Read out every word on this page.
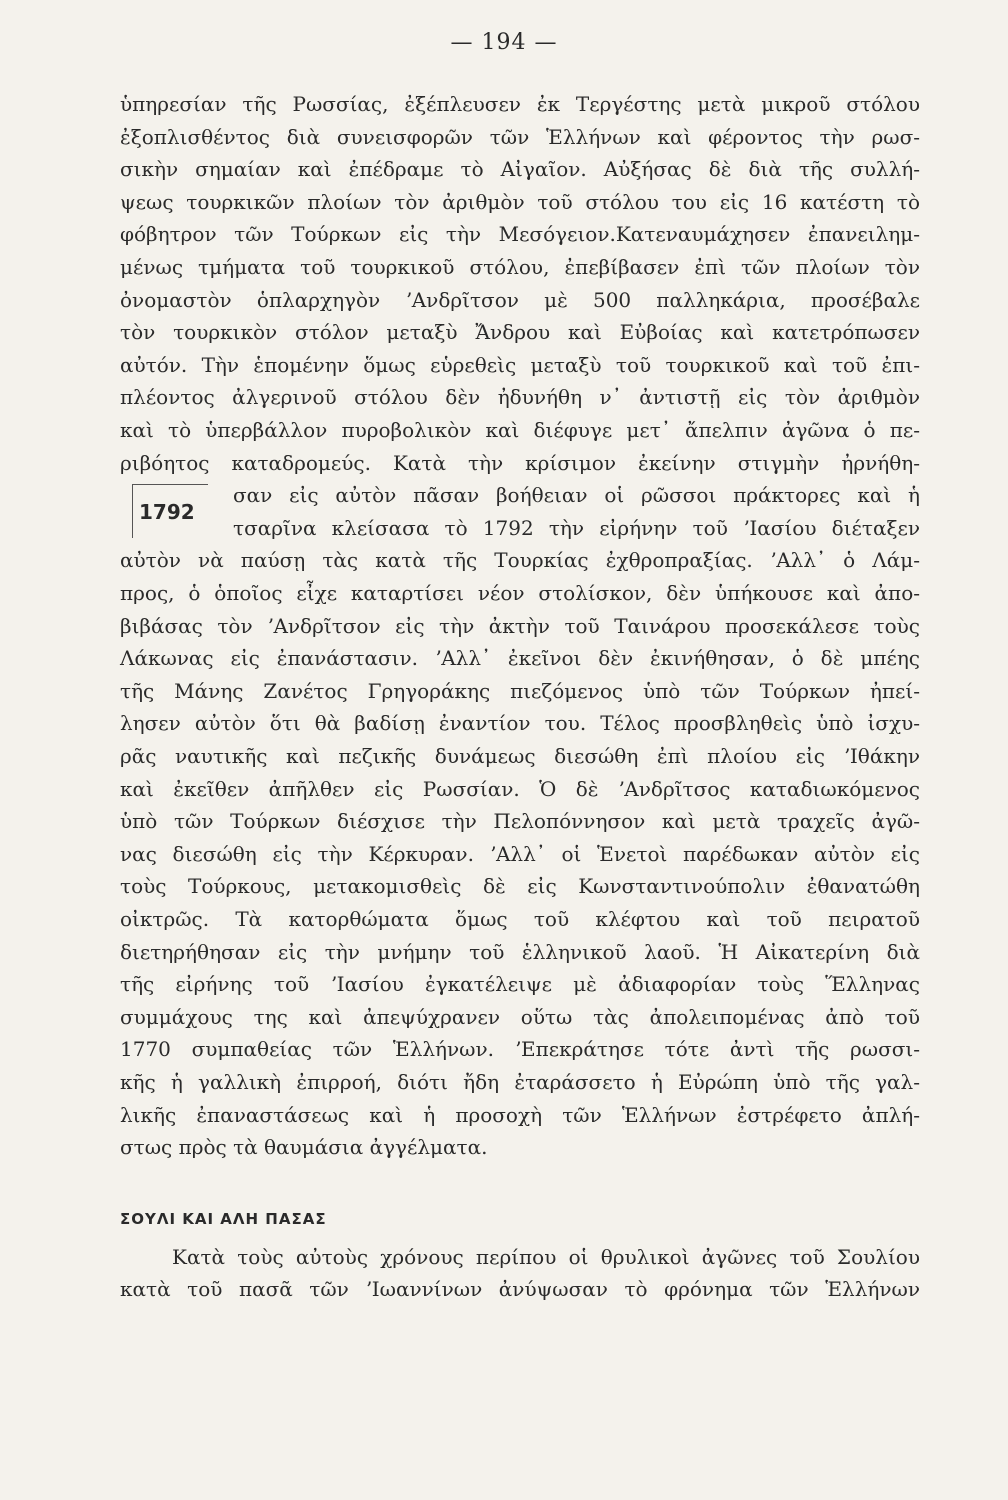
— 194 —
1792
ὑπηρεσίαν τῆς Ρωσσίας, ἐξέπλευσεν ἐκ Τεργέστης μετὰ μικροῦ στόλου
ἐξοπλισθέντος διὰ συνεισφορῶν τῶν Ἑλλήνων καὶ φέροντος τὴν ρωσ-
σικὴν σημαίαν καὶ ἐπέδραμε τὸ Αἰγαῖον. Αὐξήσας δὲ διὰ τῆς συλλή-
ψεως τουρκικῶν πλοίων τὸν ἀριθμὸν τοῦ στόλου του εἰς 16 κατέστη τὸ
φόβητρον τῶν Τούρκων εἰς τὴν Μεσόγειον.Κατεναυμάχησεν ἐπανειλημ-
μένως τμήματα τοῦ τουρκικοῦ στόλου, ἐπεβίβασεν ἐπὶ τῶν πλοίων τὸν
ὀνομαστὸν ὁπλαρχηγὸν ʼΑνδρῖτσον μὲ 500 παλληκάρια, προσέβαλε
τὸν τουρκικὸν στόλον μεταξὺ Ἄνδρου καὶ Εὐβοίας καὶ κατετρόπωσεν
αὐτόν. Τὴν ἑπομένην ὅμως εὑρεθεὶς μεταξὺ τοῦ τουρκικοῦ καὶ τοῦ ἐπι-
πλέοντος ἀλγερινοῦ στόλου δὲν ἠδυνήθη ν᾽ ἀντιστῇ εἰς τὸν ἀριθμὸν
καὶ τὸ ὑπερβάλλον πυροβολικὸν καὶ διέφυγε μετ᾽ ἄπελπιν ἀγῶνα ὁ πε-
ριβόητος καταδρομεύς. Κατὰ τὴν κρίσιμον ἐκείνην στιγμὴν ἠρνήθη-
σαν εἰς αὐτὸν πᾶσαν βοήθειαν οἱ ρῶσσοι πράκτορες καὶ ἡ
τσαρῖνα κλείσασα τὸ 1792 τὴν εἰρήνην τοῦ ʼΙασίου διέταξεν
αὐτὸν νὰ παύσῃ τὰς κατὰ τῆς Τουρκίας ἐχθροπραξίας. ʼΑλλ᾽ ὁ Λάμ-
προς, ὁ ὁποῖος εἶχε καταρτίσει νέον στολίσκον, δὲν ὑπήκουσε καὶ ἀπο-
βιβάσας τὸν ʼΑνδρῖτσον εἰς τὴν ἀκτὴν τοῦ Ταινάρου προσεκάλεσε τοὺς
Λάκωνας εἰς ἐπανάστασιν. ʼΑλλ᾽ ἐκεῖνοι δὲν ἐκινήθησαν, ὁ δὲ μπέης
τῆς Μάνης Ζανέτος Γρηγοράκης πιεζόμενος ὑπὸ τῶν Τούρκων ἠπεί-
λησεν αὐτὸν ὅτι θὰ βαδίσῃ ἐναντίον του. Τέλος προσβληθεὶς ὑπὸ ἰσχυ-
ρᾶς ναυτικῆς καὶ πεζικῆς δυνάμεως διεσώθη ἐπὶ πλοίου εἰς ʼΙθάκην
καὶ ἐκεῖθεν ἀπῆλθεν εἰς Ρωσσίαν. Ὁ δὲ ʼΑνδρῖτσος καταδιωκόμενος
ὑπὸ τῶν Τούρκων διέσχισε τὴν Πελοπόννησον καὶ μετὰ τραχεῖς ἀγῶ-
νας διεσώθη εἰς τὴν Κέρκυραν. ʼΑλλ᾽ οἱ Ἑνετοὶ παρέδωκαν αὐτὸν εἰς
τοὺς Τούρκους, μετακομισθεὶς δὲ εἰς Κωνσταντινούπολιν ἐθανατώθη
οἰκτρῶς. Τὰ κατορθώματα ὅμως τοῦ κλέφτου καὶ τοῦ πειρατοῦ
διετηρήθησαν εἰς τὴν μνήμην τοῦ ἑλληνικοῦ λαοῦ. Ἡ Αἰκατερίνη διὰ
τῆς εἰρήνης τοῦ ʼΙασίου ἐγκατέλειψε μὲ ἀδιαφορίαν τοὺς Ἕλληνας
συμμάχους της καὶ ἀπεψύχρανεν οὕτω τὰς ἀπολειπομένας ἀπὸ τοῦ
1770 συμπαθείας τῶν Ἑλλήνων. ʼΕπεκράτησε τότε ἀντὶ τῆς ρωσσι-
κῆς ἡ γαλλικὴ ἐπιρροή, διότι ἤδη ἐταράσσετο ἡ Εὐρώπη ὑπὸ τῆς γαλ-
λικῆς ἐπαναστάσεως καὶ ἡ προσοχὴ τῶν Ἑλλήνων ἐστρέφετο ἀπλή-
στως πρὸς τὰ θαυμάσια ἀγγέλματα.
ΣΟΥΛΙ ΚΑΙ ΑΛΗ ΠΑΣΑΣ
Κατὰ τοὺς αὐτοὺς χρόνους περίπου οἱ θρυλικοὶ ἀγῶνες τοῦ Σουλίου
κατὰ τοῦ πασᾶ τῶν ʼΙωαννίνων ἀνύψωσαν τὸ φρόνημα τῶν Ἑλλήνων
